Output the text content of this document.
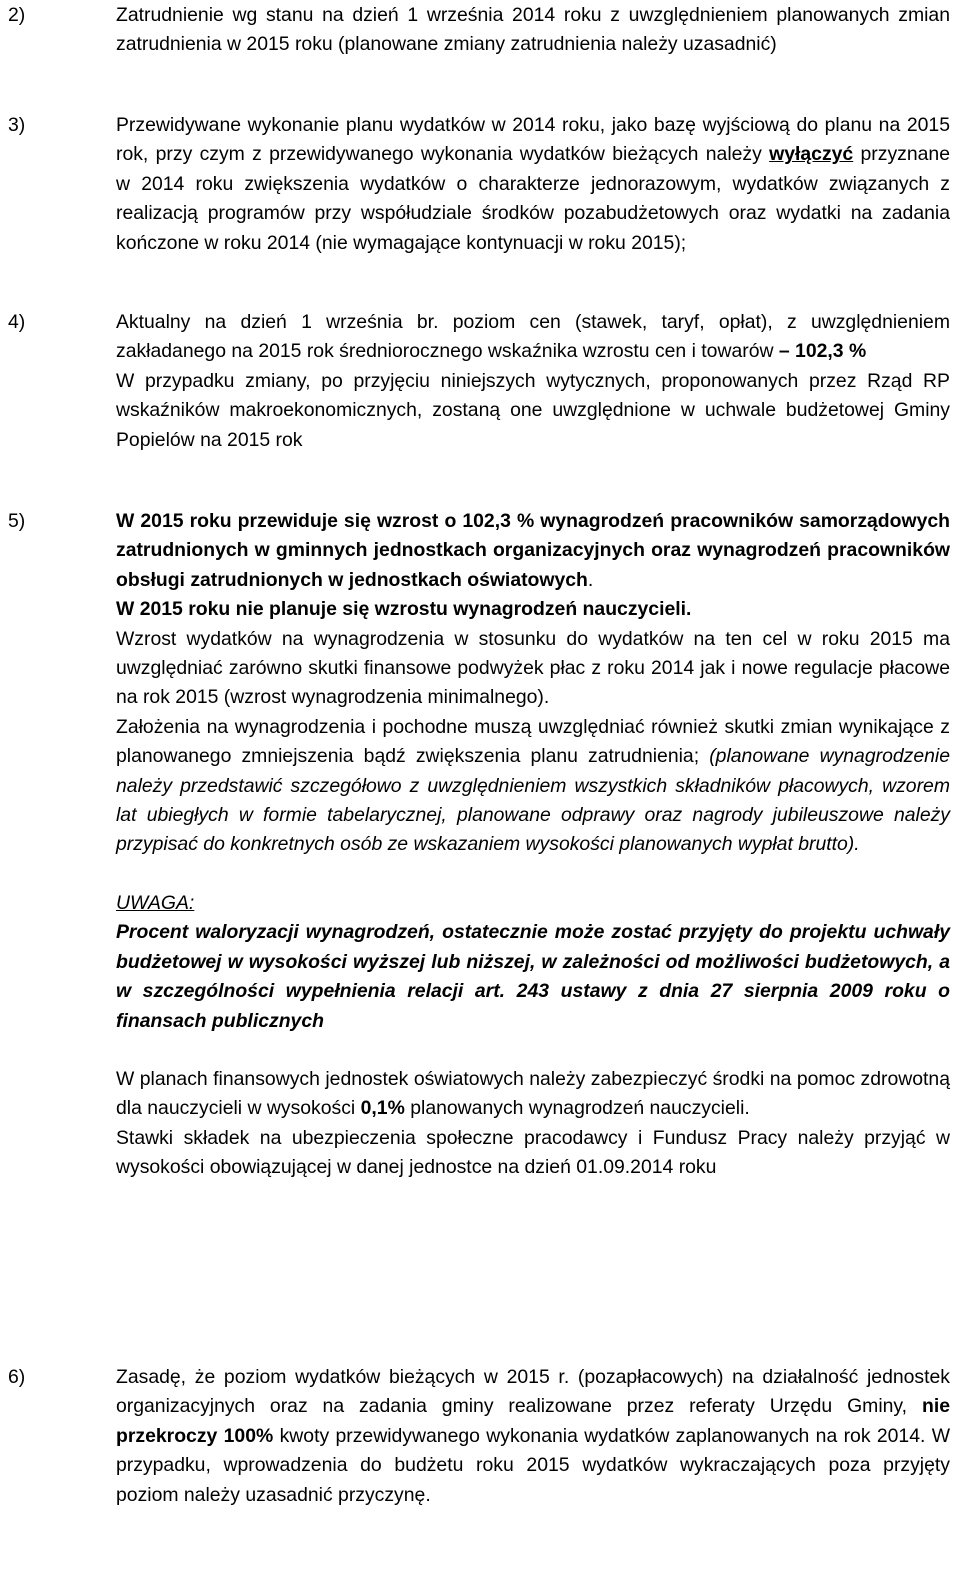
2)	Zatrudnienie wg stanu na dzień 1 września 2014 roku z uwzględnieniem planowanych zmian zatrudnienia w 2015 roku (planowane zmiany zatrudnienia należy uzasadnić)

3)	Przewidywane wykonanie planu wydatków w 2014 roku, jako bazę wyjściową do planu na 2015 rok, przy czym z przewidywanego wykonania wydatków bieżących należy wyłączyć przyznane w 2014 roku zwiększenia wydatków o charakterze jednorazowym, wydatków związanych z realizacją programów przy współudziale środków pozabudżetowych oraz wydatki na zadania kończone w roku 2014 (nie wymagające kontynuacji w roku 2015);

4)	Aktualny na dzień 1 września br. poziom cen (stawek, taryf, opłat), z uwzględnieniem zakładanego na 2015 rok średniorocznego wskaźnika wzrostu cen i towarów – 102,3 %

W przypadku zmiany, po przyjęciu niniejszych wytycznych, proponowanych przez Rząd RP wskaźników makroekonomicznych, zostaną one uwzględnione w uchwale budżetowej Gminy Popielów na 2015 rok

5)	W 2015 roku przewiduje się wzrost o 102,3 % wynagrodzeń pracowników samorządowych zatrudnionych w gminnych jednostkach organizacyjnych oraz wynagrodzeń pracowników obsługi zatrudnionych w jednostkach oświatowych.

W 2015 roku nie planuje się wzrostu wynagrodzeń nauczycieli.

Wzrost wydatków na wynagrodzenia w stosunku do wydatków na ten cel w roku 2015 ma uwzględniać zarówno skutki finansowe podwyżek płac z roku 2014 jak i nowe regulacje płacowe na rok 2015 (wzrost wynagrodzenia minimalnego).

Założenia na wynagrodzenia i pochodne muszą uwzględniać również skutki zmian wynikające z planowanego zmniejszenia bądź zwiększenia planu zatrudnienia; (planowane wynagrodzenie należy przedstawić szczegółowo z uwzględnieniem wszystkich składników płacowych, wzorem lat ubiegłych w formie tabelarycznej, planowane odprawy oraz nagrody jubileuszowe należy przypisać do konkretnych osób ze wskazaniem wysokości planowanych wypłat brutto).

UWAGA:

Procent waloryzacji wynagrodzeń, ostatecznie może zostać przyjęty do projektu uchwały budżetowej w wysokości wyższej lub niższej, w zależności od możliwości budżetowych, a w szczególności wypełnienia relacji art. 243 ustawy z dnia 27 sierpnia 2009 roku o finansach publicznych

W planach finansowych jednostek oświatowych należy zabezpieczyć środki na pomoc zdrowotną dla nauczycieli w wysokości 0,1% planowanych wynagrodzeń nauczycieli.

Stawki składek na ubezpieczenia społeczne pracodawcy i Fundusz Pracy należy przyjąć w wysokości obowiązującej w danej jednostce na dzień 01.09.2014 roku

6)	Zasadę, że poziom wydatków bieżących w 2015 r. (pozapłacowych) na działalność jednostek organizacyjnych oraz na zadania gminy realizowane przez referaty Urzędu Gminy, nie przekroczy 100% kwoty przewidywanego wykonania wydatków zaplanowanych na rok 2014. W przypadku, wprowadzenia do budżetu roku 2015 wydatków wykraczających poza przyjęty poziom należy uzasadnić przyczynę.
